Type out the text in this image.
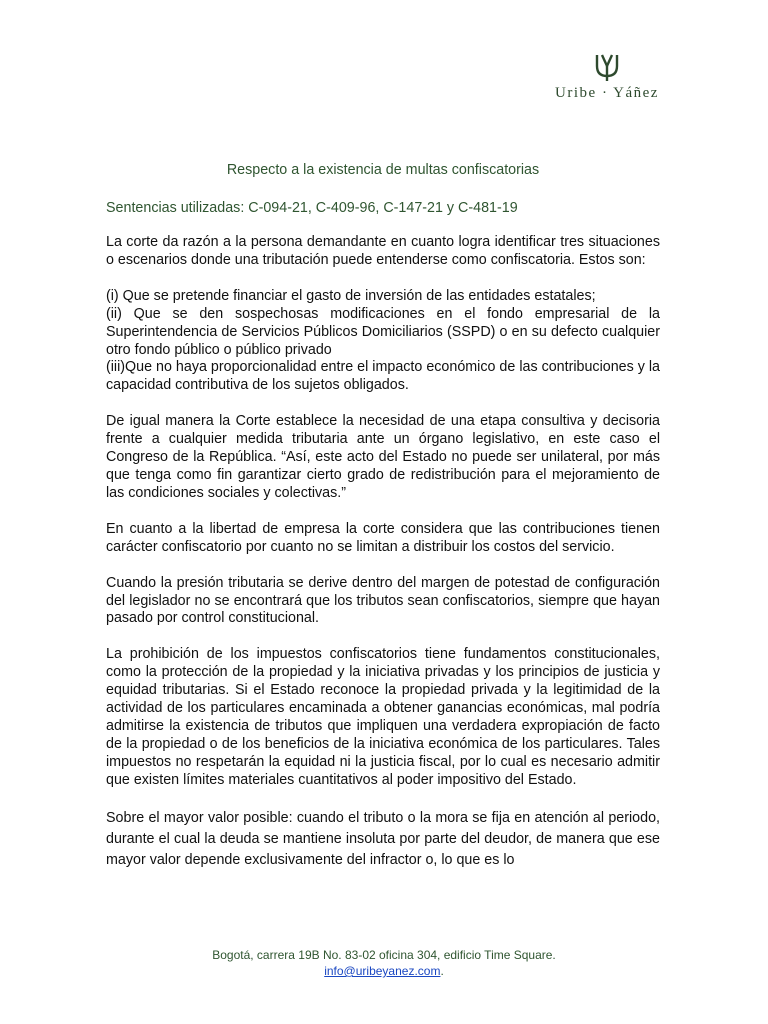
Uribe · Yáñez

Respecto a la existencia de multas confiscatorias

Sentencias utilizadas: C-094-21, C-409-96, C-147-21 y C-481-19

La corte da razón a la persona demandante en cuanto logra identificar tres situaciones o escenarios donde una tributación puede entenderse como confiscatoria. Estos son:

(i) Que se pretende financiar el gasto de inversión de las entidades estatales;

(ii) Que se den sospechosas modificaciones en el fondo empresarial de la Superintendencia de Servicios Públicos Domiciliarios (SSPD) o en su defecto cualquier otro fondo público o público privado

(iii)Que no haya proporcionalidad entre el impacto económico de las contribuciones y la capacidad contributiva de los sujetos obligados.

De igual manera la Corte establece la necesidad de una etapa consultiva y decisoria frente a cualquier medida tributaria ante un órgano legislativo, en este caso el Congreso de la República. “Así, este acto del Estado no puede ser unilateral, por más que tenga como fin garantizar cierto grado de redistribución para el mejoramiento de las condiciones sociales y colectivas.”

En cuanto a la libertad de empresa la corte considera que las contribuciones tienen carácter confiscatorio por cuanto no se limitan a distribuir los costos del servicio.

Cuando la presión tributaria se derive dentro del margen de potestad de configuración del legislador no se encontrará que los tributos sean confiscatorios, siempre que hayan pasado por control constitucional.

La prohibición de los impuestos confiscatorios tiene fundamentos constitucionales, como la protección de la propiedad y la iniciativa privadas y los principios de justicia y equidad tributarias. Si el Estado reconoce la propiedad privada y la legitimidad de la actividad de los particulares encaminada a obtener ganancias económicas, mal podría admitirse la existencia de tributos que impliquen una verdadera expropiación de facto de la propiedad o de los beneficios de la iniciativa económica de los particulares. Tales impuestos no respetarán la equidad ni la justicia fiscal, por lo cual es necesario admitir que existen límites materiales cuantitativos al poder impositivo del Estado.

Sobre el mayor valor posible: cuando el tributo o la mora se fija en atención al periodo, durante el cual la deuda se mantiene insoluta por parte del deudor, de manera que ese mayor valor depende exclusivamente del infractor o, lo que es lo

Bogotá, carrera 19B No. 83-02 oficina 304, edificio Time Square.
info@uribeyanez.com.
